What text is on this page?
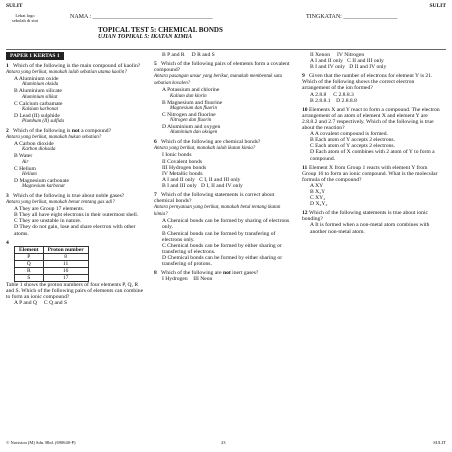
SULIT	SULIT
Lekat logo sekolah di sini
NAMA : ________________________________________	TINGKATAN: __________________
TOPICAL TEST 5: CHEMICAL BONDS
UJIAN TOPIKAL 5: IKATAN KIMIA
PAPER 1 KERTAS 1
1 Which of the following is the main compound of kaolin?
Antara yang berikut, manakah ialah sebatian utama kaolin?
A Aluminium oxide
Aluminium oksida
B Aluminium silicate
Aluminium silikat
C Calcium carbamate
Kalsium karbonat
D Lead (II) sulphide
Plumbum (II) sulfida
2 Which of the following is not a compound?
Antara yang berikut, manakah bukan sebatian?
A Carbon dioxide
Karbon dioksida
B Water
Air
C Helium
Helium
D Magnesium carbonate
Magnesium karbonat
3 Which of the following is true about noble gases?
Antara yang berikut, manakah benar tentang gas adi?
A They are Group 17 elements.
B They all have eight electrons in their outermost shell.
C They are unstable in nature.
D They do not gain, lose and share electron with other atoms.
4
Element	Proton number
P	8
Q	11
R	16
S	17
Table 1 shows the proton numbers of four elements P, Q, R and S. Which of the following pairs of elements can combine to form an ionic compound?
A P and Q     C Q and S
B P and R     D R and S
5 Which of the following pairs of elements form a covalent compound?
Antara pasangan unsur yang berikut, manakah membentuk satu sebatian kovalen?
A Potassium and chlorine
Kalium dan klorin
B Magnesium and fluorine
Magnesium dan fluorin
C Nitrogen and fluorine
Nitrogen dan fluorin
D Aluminium and oxygen
Aluminium dan oksigen
6 Which of the following are chemical bonds?
Antara yang berikut, manakah ialah ikatan kimia?
I Ionic bonds
II Covalent bonds
III Hydrogen bonds
IV Metallic bonds
A I and II only   C I, II and III only
B I and III only   D I, II and IV only
7 Which of the following statements is correct about chemical bonds?
Antara pernyataan yang berikut, manakah betul tentang ikatan kimia?
A Chemical bonds can be formed by sharing of electrons only.
B Chemical bonds can be formed by transfering of electrons only.
C Chemical bonds can be formed by either sharing or transfering of electrons.
D Chemical bonds can be formed by either sharing or transfering of protons.
8 Which of the following are not inert gases?
I Hydrogen    III Neon
II Xenon     IV Nitrogen
A I and II only   C II and III only
B I and IV only   D II and IV only
9 Given that the number of electrons for element Y is 21. Which of the following shows the correct electron arrangement of the ion formed?
A 2.8.8     C 2.8.8.3
B 2.8.8.1    D 2.8.8.8
10Elements X and Y react to form a compound. The electron arrangement of an atom of element X and element Y are 2.8.8.2 and 2.7 respectively. Which of the following is true about the reaction?
A A covalent compound is formed.
B Each atom of Y accepts 2 electrons.
C Each atom of Y accepts 2 electrons.
D Each atom of X combines with 2 atom of Y to form a compound.
11 Element X from Group 1 reacts with element Y from Group 16 to form an ionic compound. What is the molecular formula of the compound?
A XY
B X₂Y
C XY₂
D X₂Y₂
12Which of the following statements is true about ionic bonding?
A It is formed when a non-metal atom combines with another non-metal atom.
© Navision (M) Sdn. Bhd. (690640-P)	23	SULIT
